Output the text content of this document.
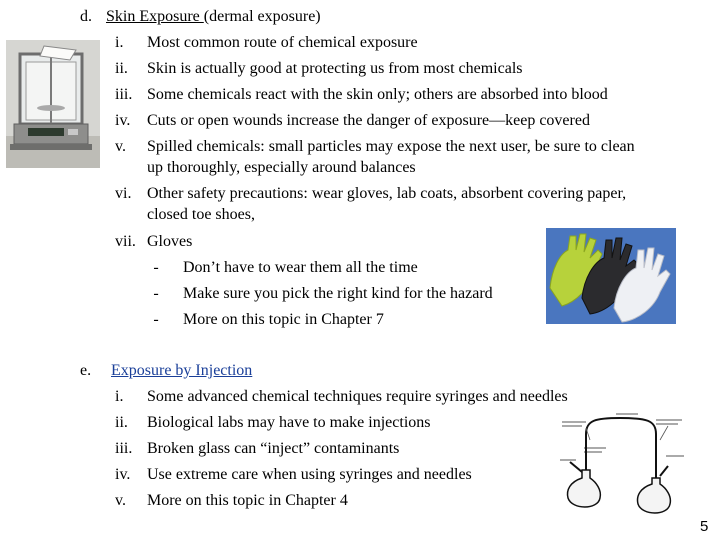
d. Skin Exposure (dermal exposure)
i. Most common route of chemical exposure
ii. Skin is actually good at protecting us from most chemicals
iii. Some chemicals react with the skin only; others are absorbed into blood
iv. Cuts or open wounds increase the danger of exposure—keep covered
v. Spilled chemicals: small particles may expose the next user, be sure to clean
up thoroughly, especially around balances
vi. Other safety precautions: wear gloves, lab coats, absorbent covering paper,
closed toe shoes,
vii. Gloves
- Don’t have to wear them all the time
- Make sure you pick the right kind for the hazard
- More on this topic in Chapter 7
e. Exposure by Injection
i. Some advanced chemical techniques require syringes and needles
ii. Biological labs may have to make injections
iii. Broken glass can “inject” contaminants
iv. Use extreme care when using syringes and needles
v. More on this topic in Chapter 4
5
